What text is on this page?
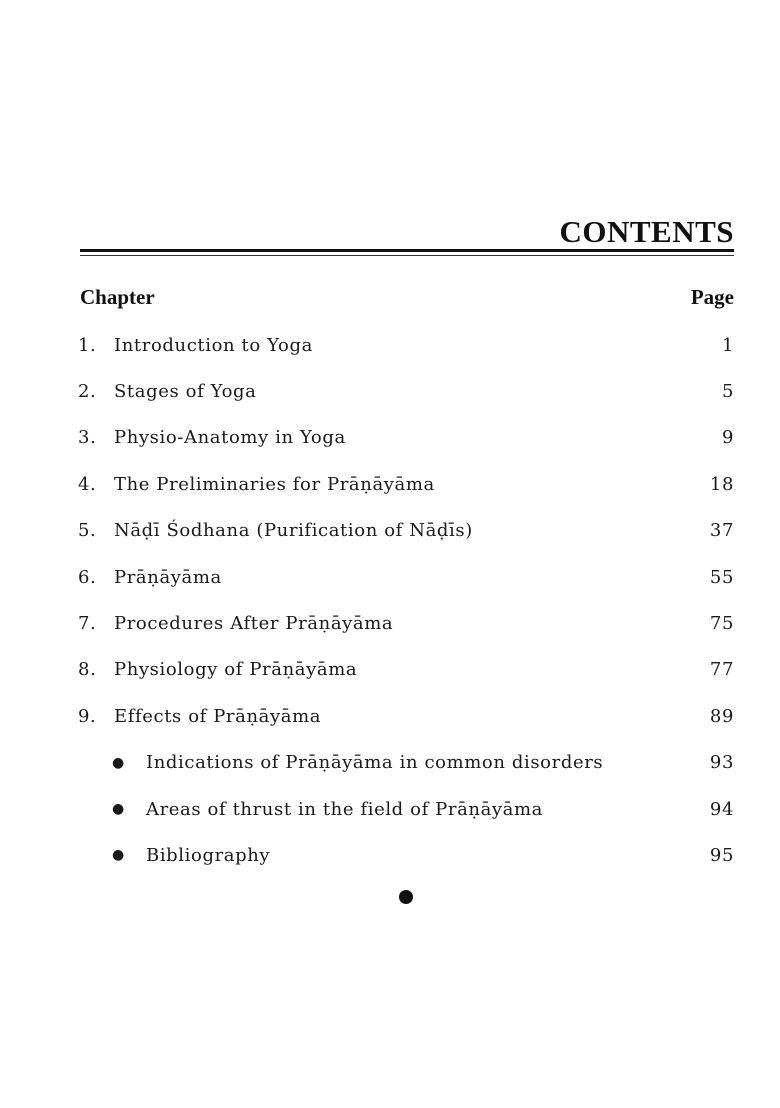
CONTENTS
Chapter	Page
1. Introduction to Yoga	1
2. Stages of Yoga	5
3. Physio-Anatomy in Yoga	9
4. The Preliminaries for Prāṇāyāma	18
5. Nāḍī Śodhana (Purification of Nāḍīs)	37
6. Prāṇāyāma	55
7. Procedures After Prāṇāyāma	75
8. Physiology of Prāṇāyāma	77
9. Effects of Prāṇāyāma	89
●	Indications of Prāṇāyāma in common disorders	93
●	Areas of thrust in the field of Prāṇāyāma	94
●	Bibliography	95
